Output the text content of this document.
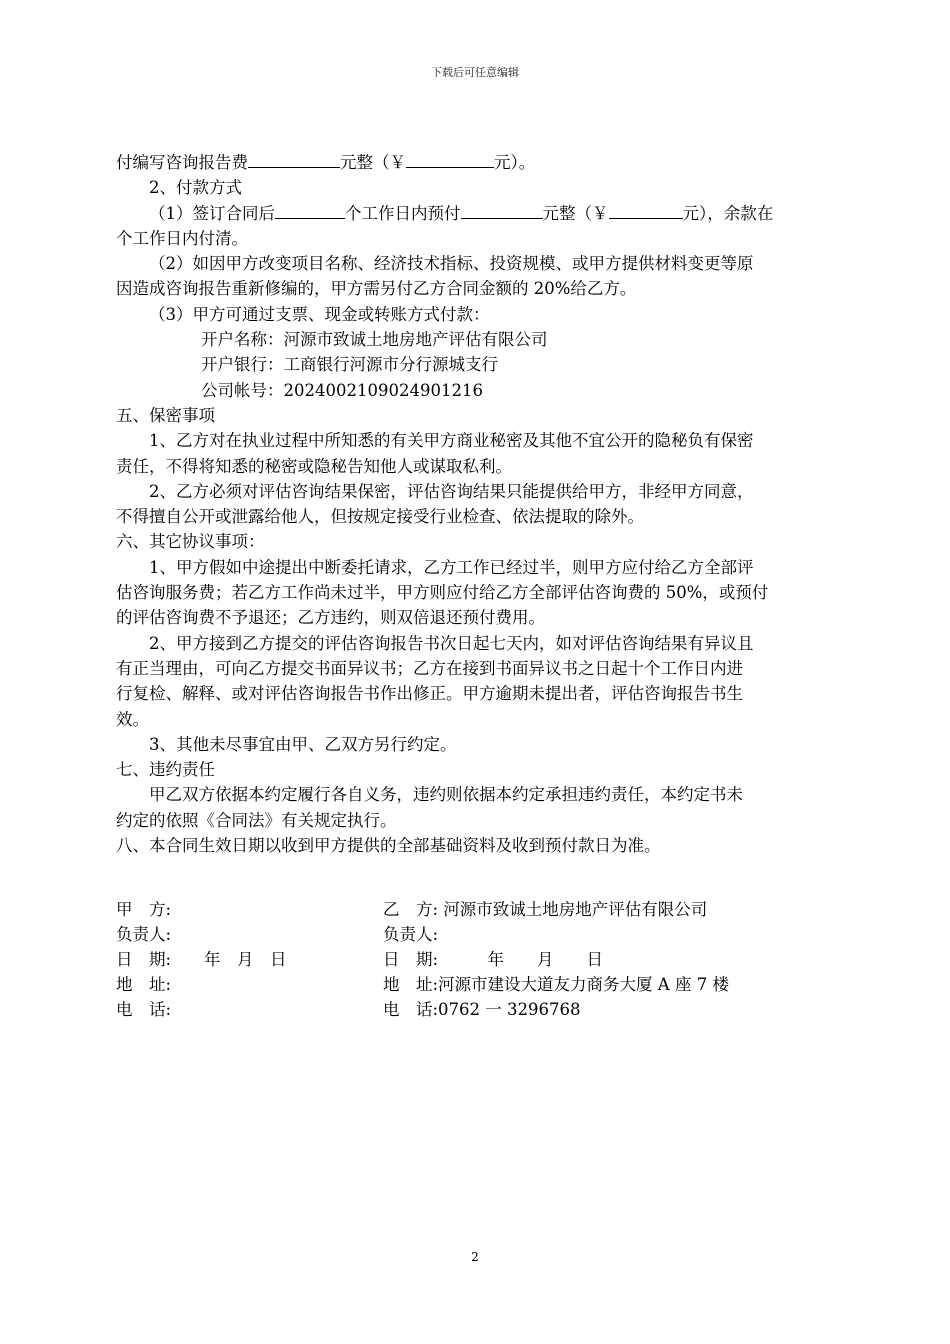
下载后可任意编辑

付编写咨询报告费	元整（￥	元）。

2、付款方式

（1）签订合同后	个工作日内预付	元整（￥	元），余款在

个工作日内付清。

（2）如因甲方改变项目名称、经济技术指标、投资规模、或甲方提供材料变更等原

因造成咨询报告重新修编的，甲方需另付乙方合同金额的 20%给乙方。

（3）甲方可通过支票、现金或转账方式付款：

开户名称：河源市致诚土地房地产评估有限公司

开户银行：工商银行河源市分行源城支行

公司帐号：2024002109024901216

五、保密事项

1、乙方对在执业过程中所知悉的有关甲方商业秘密及其他不宜公开的隐秘负有保密

责任，不得将知悉的秘密或隐秘告知他人或谋取私利。

2、乙方必须对评估咨询结果保密，评估咨询结果只能提供给甲方，非经甲方同意，

不得擅自公开或泄露给他人，但按规定接受行业检查、依法提取的除外。

六、其它协议事项：

1、甲方假如中途提出中断委托请求，乙方工作已经过半，则甲方应付给乙方全部评

估咨询服务费；若乙方工作尚未过半，甲方则应付给乙方全部评估咨询费的 50%，或预付

的评估咨询费不予退还；乙方违约，则双倍退还预付费用。

2、甲方接到乙方提交的评估咨询报告书次日起七天内，如对评估咨询结果有异议且

有正当理由，可向乙方提交书面异议书；乙方在接到书面异议书之日起十个工作日内进

行复检、解释、或对评估咨询报告书作出修正。甲方逾期未提出者，评估咨询报告书生

效。

3、其他未尽事宜由甲、乙双方另行约定。

七、违约责任

甲乙双方依据本约定履行各自义务，违约则依据本约定承担违约责任，本约定书未

约定的依照《合同法》有关规定执行。

八、本合同生效日期以收到甲方提供的全部基础资料及收到预付款日为准。

甲　方:	乙　方: 河源市致诚土地房地产评估有限公司
负责人:	负责人:
日　期:　　年　月　日	日　期:　　　年　　月　　日
地　址:	地　址:河源市建设大道友力商务大厦 A 座 7 楼
电　话:	电　话:0762 一 3296768
2
